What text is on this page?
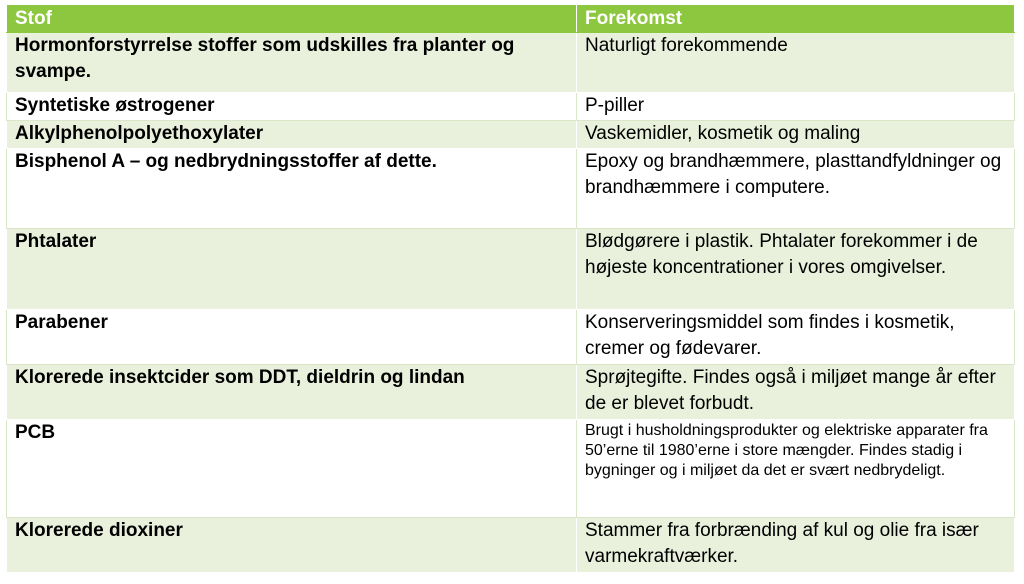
Stof	Forekomst
Hormonforstyrrelse stoffer som udskilles fra planter og svampe.	Naturligt forekommende
Syntetiske østrogener	P-piller
Alkylphenolpolyethoxylater	Vaskemidler, kosmetik og maling
Bisphenol A – og nedbrydningsstoffer af dette.	Epoxy og brandhæmmere, plasttandfyldninger og brandhæmmere i computere.
Phtalater	Blødgørere i plastik. Phtalater forekommer i de højeste koncentrationer i vores omgivelser.
Parabener	Konserveringsmiddel som findes i kosmetik, cremer og fødevarer.
Klorerede insektcider som DDT, dieldrin og lindan	Sprøjtegifte. Findes også i miljøet mange år efter de er blevet forbudt.
PCB	Brugt i husholdningsprodukter og elektriske apparater fra 50’erne til 1980’erne i store mængder. Findes stadig i bygninger og i miljøet da det er svært nedbrydeligt.
Klorerede dioxiner	Stammer fra forbrænding af kul og olie fra især varmekraftværker.
